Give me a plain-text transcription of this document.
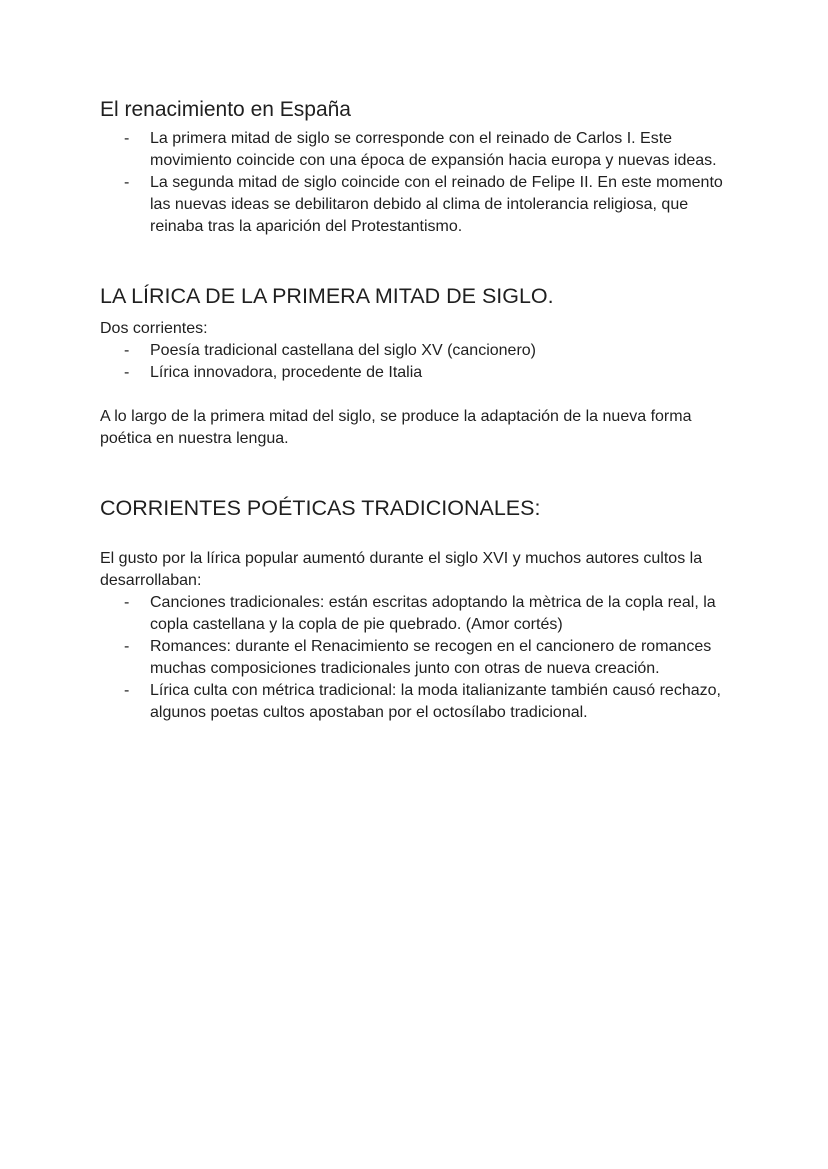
El renacimiento en España
- La primera mitad de siglo se corresponde con el reinado de Carlos I. Este movimiento coincide con una época de expansión hacia europa y nuevas ideas.
- La segunda mitad de siglo coincide con el reinado de Felipe II. En este momento las nuevas ideas se debilitaron debido al clima de intolerancia religiosa, que reinaba tras la aparición del Protestantismo.
LA LÍRICA DE LA PRIMERA MITAD DE SIGLO.

Dos corrientes:

- Poesía tradicional castellana del siglo XV (cancionero)
- Lírica innovadora, procedente de Italia

A lo largo de la primera mitad del siglo, se produce la adaptación de la nueva forma poética en nuestra lengua.

CORRIENTES POÉTICAS TRADICIONALES:

El gusto por la lírica popular aumentó durante el siglo XVI y muchos autores cultos la desarrollaban:

- Canciones tradicionales: están escritas adoptando la mètrica de la copla real, la copla castellana y la copla de pie quebrado. (Amor cortés)
- Romances: durante el Renacimiento se recogen en el cancionero de romances muchas composiciones tradicionales junto con otras de nueva creación.
- Lírica culta con métrica tradicional: la moda italianizante también causó rechazo, algunos poetas cultos apostaban por el octosílabo tradicional.
